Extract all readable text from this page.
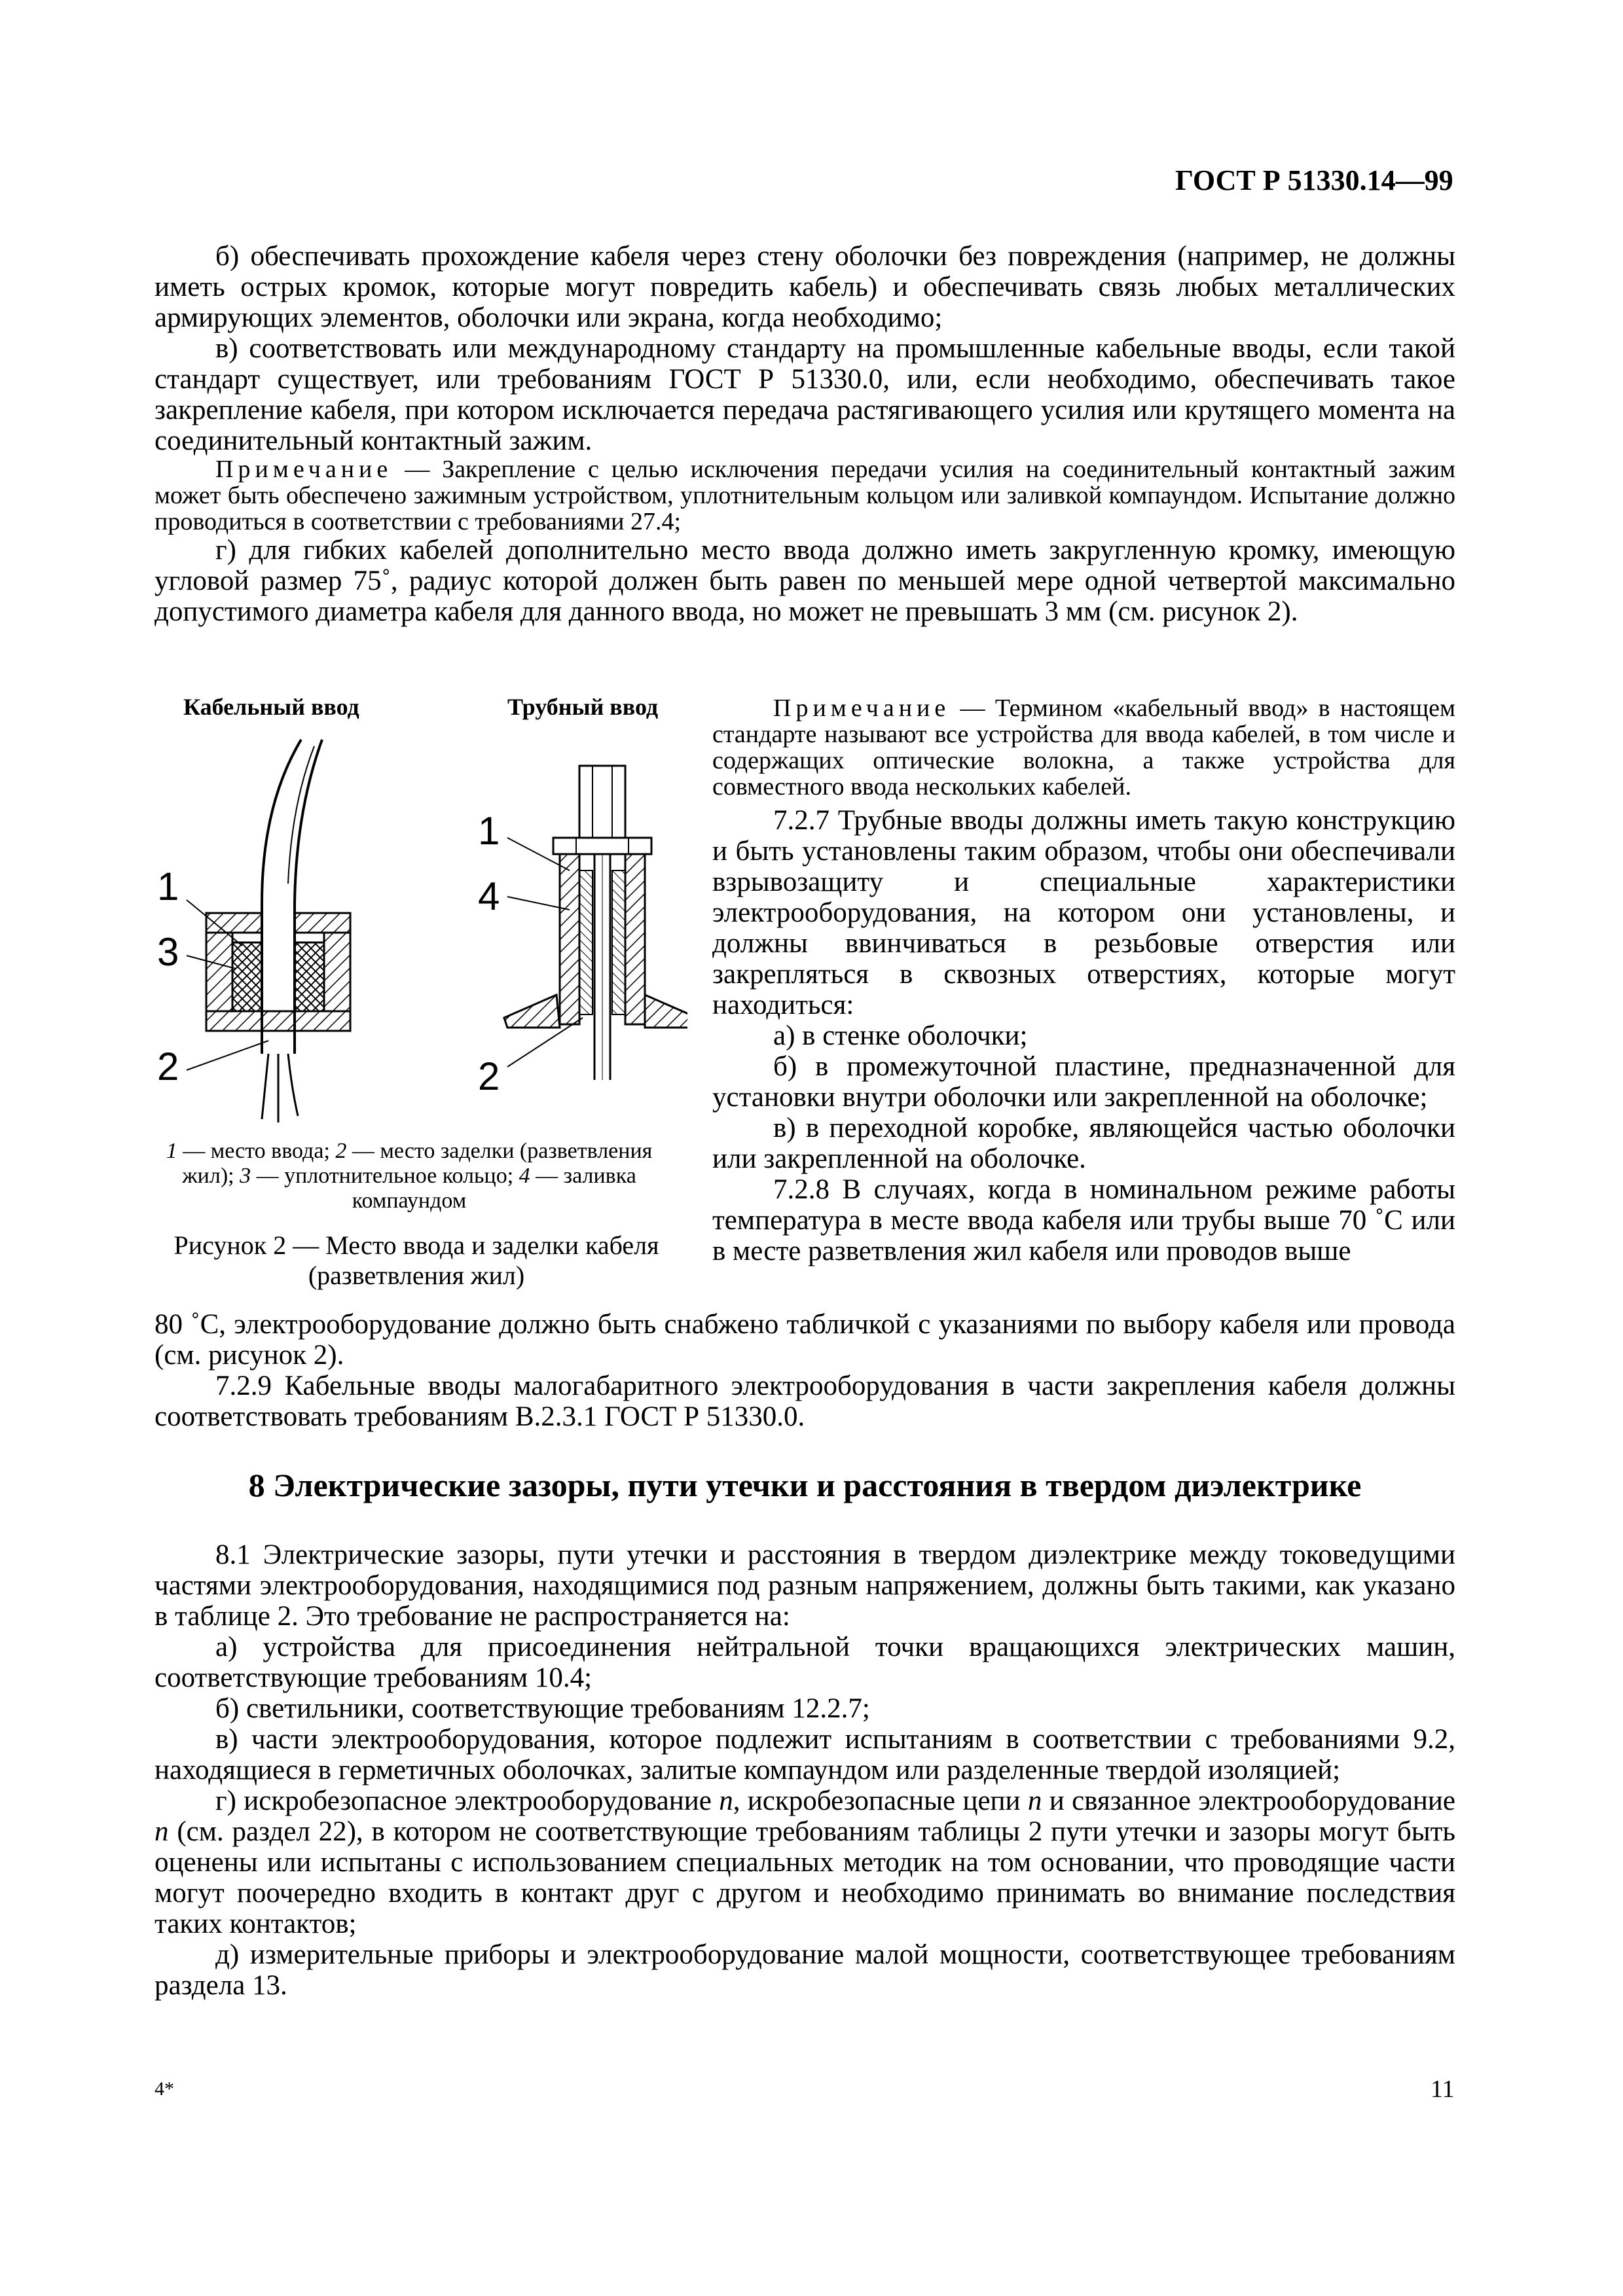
ГОСТ Р 51330.14—99

б) обеспечивать прохождение кабеля через стену оболочки без повреждения (например, не должны иметь острых кромок, которые могут повредить кабель) и обеспечивать связь любых металлических армирующих элементов, оболочки или экрана, когда необходимо;

в) соответствовать или международному стандарту на промышленные кабельные вводы, если такой стандарт существует, или требованиям ГОСТ Р 51330.0, или, если необходимо, обеспечивать такое закрепление кабеля, при котором исключается передача растягивающего усилия или крутящего момента на соединительный контактный зажим.

Примечание — Закрепление с целью исключения передачи усилия на соединительный контактный зажим может быть обеспечено зажимным устройством, уплотнительным кольцом или заливкой компаундом. Испытание должно проводиться в соответствии с требованиями 27.4;

г) для гибких кабелей дополнительно место ввода должно иметь закругленную кромку, имеющую угловой размер 75˚, радиус которой должен быть равен по меньшей мере одной четвертой максимально допустимого диаметра кабеля для данного ввода, но может не превышать 3 мм (см. рисунок 2).

Кабельный ввод	Трубный ввод
1
3
2
1
4
2

1 — место ввода; 2 — место заделки (разветвления жил); 3 — уплотнительное кольцо; 4 — заливка компаундом

Рисунок 2 — Место ввода и заделки кабеля (разветвления жил)

Примечание — Термином «кабельный ввод» в настоящем стандарте называют все устройства для ввода кабелей, в том числе и содержащих оптические волокна, а также устройства для совместного ввода нескольких кабелей.

7.2.7 Трубные вводы должны иметь такую конструкцию и быть установлены таким образом, чтобы они обеспечивали взрывозащиту и специальные характеристики электрооборудования, на котором они установлены, и должны ввинчиваться в резьбовые отверстия или закрепляться в сквозных отверстиях, которые могут находиться:

а) в стенке оболочки;

б) в промежуточной пластине, предназначенной для установки внутри оболочки или закрепленной на оболочке;

в) в переходной коробке, являющейся частью оболочки или закрепленной на оболочке.

7.2.8 В случаях, когда в номинальном режиме работы температура в месте ввода кабеля или трубы выше 70 ˚С или в месте разветвления жил кабеля или проводов выше

80 ˚С, электрооборудование должно быть снабжено табличкой с указаниями по выбору кабеля или провода (см. рисунок 2).

7.2.9 Кабельные вводы малогабаритного электрооборудования в части закрепления кабеля должны соответствовать требованиям В.2.3.1 ГОСТ Р 51330.0.

8 Электрические зазоры, пути утечки и расстояния в твердом диэлектрике

8.1 Электрические зазоры, пути утечки и расстояния в твердом диэлектрике между токоведущими частями электрооборудования, находящимися под разным напряжением, должны быть такими, как указано в таблице 2. Это требование не распространяется на:

а) устройства для присоединения нейтральной точки вращающихся электрических машин, соответствующие требованиям 10.4;

б) светильники, соответствующие требованиям 12.2.7;

в) части электрооборудования, которое подлежит испытаниям в соответствии с требованиями 9.2, находящиеся в герметичных оболочках, залитые компаундом или разделенные твердой изоляцией;

г) искробезопасное электрооборудование n, искробезопасные цепи n и связанное электрооборудование n (см. раздел 22), в котором не соответствующие требованиям таблицы 2 пути утечки и зазоры могут быть оценены или испытаны с использованием специальных методик на том основании, что проводящие части могут поочередно входить в контакт друг с другом и необходимо принимать во внимание последствия таких контактов;

д) измерительные приборы и электрооборудование малой мощности, соответствующее требованиям раздела 13.

4*	11
